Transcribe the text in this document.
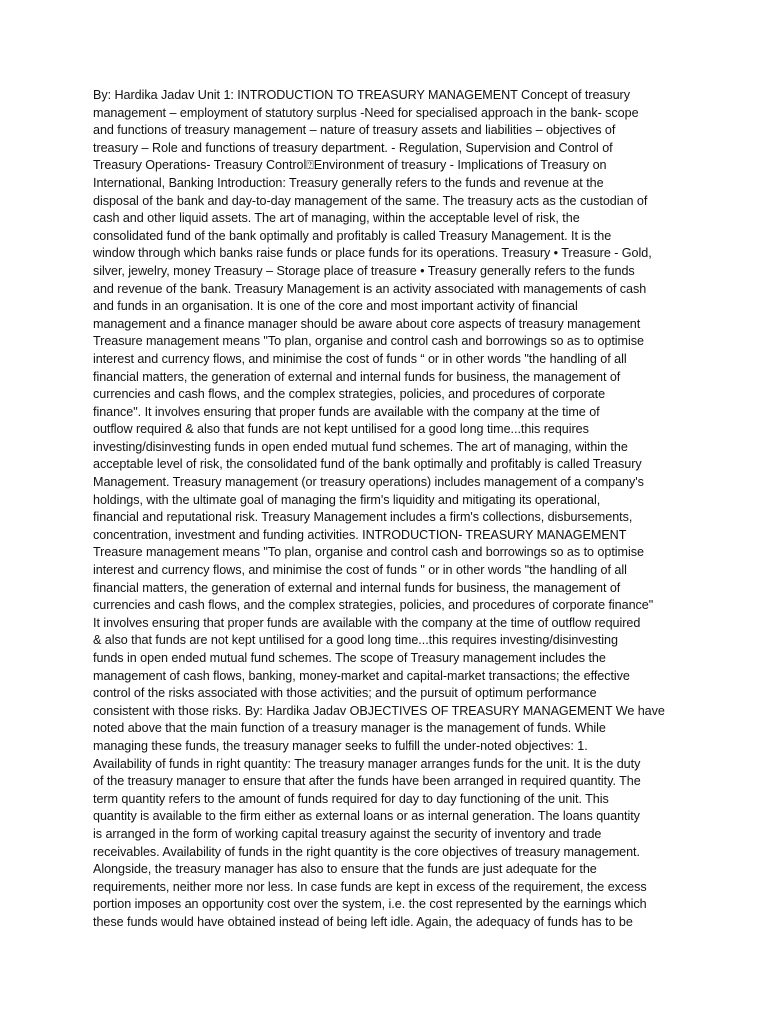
By: Hardika Jadav Unit 1: INTRODUCTION TO TREASURY MANAGEMENT Concept of treasury
management – employment of statutory surplus -Need for specialised approach in the bank- scope
and functions of treasury management – nature of treasury assets and liabilities – objectives of
treasury – Role and functions of treasury department. - Regulation, Supervision and Control of
Treasury Operations- Treasury Control⍰Environment of treasury - Implications of Treasury on
International, Banking Introduction: Treasury generally refers to the funds and revenue at the
disposal of the bank and day-to-day management of the same. The treasury acts as the custodian of
cash and other liquid assets. The art of managing, within the acceptable level of risk, the
consolidated fund of the bank optimally and profitably is called Treasury Management. It is the
window through which banks raise funds or place funds for its operations. Treasury • Treasure - Gold,
silver, jewelry, money Treasury – Storage place of treasure • Treasury generally refers to the funds
and revenue of the bank. Treasury Management is an activity associated with managements of cash
and funds in an organisation. It is one of the core and most important activity of financial
management and a finance manager should be aware about core aspects of treasury management
Treasure management means "To plan, organise and control cash and borrowings so as to optimise
interest and currency flows, and minimise the cost of funds “ or in other words "the handling of all
financial matters, the generation of external and internal funds for business, the management of
currencies and cash flows, and the complex strategies, policies, and procedures of corporate
finance". It involves ensuring that proper funds are available with the company at the time of
outflow required & also that funds are not kept untilised for a good long time...this requires
investing/disinvesting funds in open ended mutual fund schemes. The art of managing, within the
acceptable level of risk, the consolidated fund of the bank optimally and profitably is called Treasury
Management. Treasury management (or treasury operations) includes management of a company's
holdings, with the ultimate goal of managing the firm's liquidity and mitigating its operational,
financial and reputational risk. Treasury Management includes a firm's collections, disbursements,
concentration, investment and funding activities. INTRODUCTION- TREASURY MANAGEMENT
Treasure management means "To plan, organise and control cash and borrowings so as to optimise
interest and currency flows, and minimise the cost of funds " or in other words "the handling of all
financial matters, the generation of external and internal funds for business, the management of
currencies and cash flows, and the complex strategies, policies, and procedures of corporate finance"
It involves ensuring that proper funds are available with the company at the time of outflow required
& also that funds are not kept untilised for a good long time...this requires investing/disinvesting
funds in open ended mutual fund schemes. The scope of Treasury management includes the
management of cash flows, banking, money-market and capital-market transactions; the effective
control of the risks associated with those activities; and the pursuit of optimum performance
consistent with those risks. By: Hardika Jadav OBJECTIVES OF TREASURY MANAGEMENT We have
noted above that the main function of a treasury manager is the management of funds. While
managing these funds, the treasury manager seeks to fulfill the under-noted objectives: 1.
Availability of funds in right quantity: The treasury manager arranges funds for the unit. It is the duty
of the treasury manager to ensure that after the funds have been arranged in required quantity. The
term quantity refers to the amount of funds required for day to day functioning of the unit. This
quantity is available to the firm either as external loans or as internal generation. The loans quantity
is arranged in the form of working capital treasury against the security of inventory and trade
receivables. Availability of funds in the right quantity is the core objectives of treasury management.
Alongside, the treasury manager has also to ensure that the funds are just adequate for the
requirements, neither more nor less. In case funds are kept in excess of the requirement, the excess
portion imposes an opportunity cost over the system, i.e. the cost represented by the earnings which
these funds would have obtained instead of being left idle. Again, the adequacy of funds has to be
